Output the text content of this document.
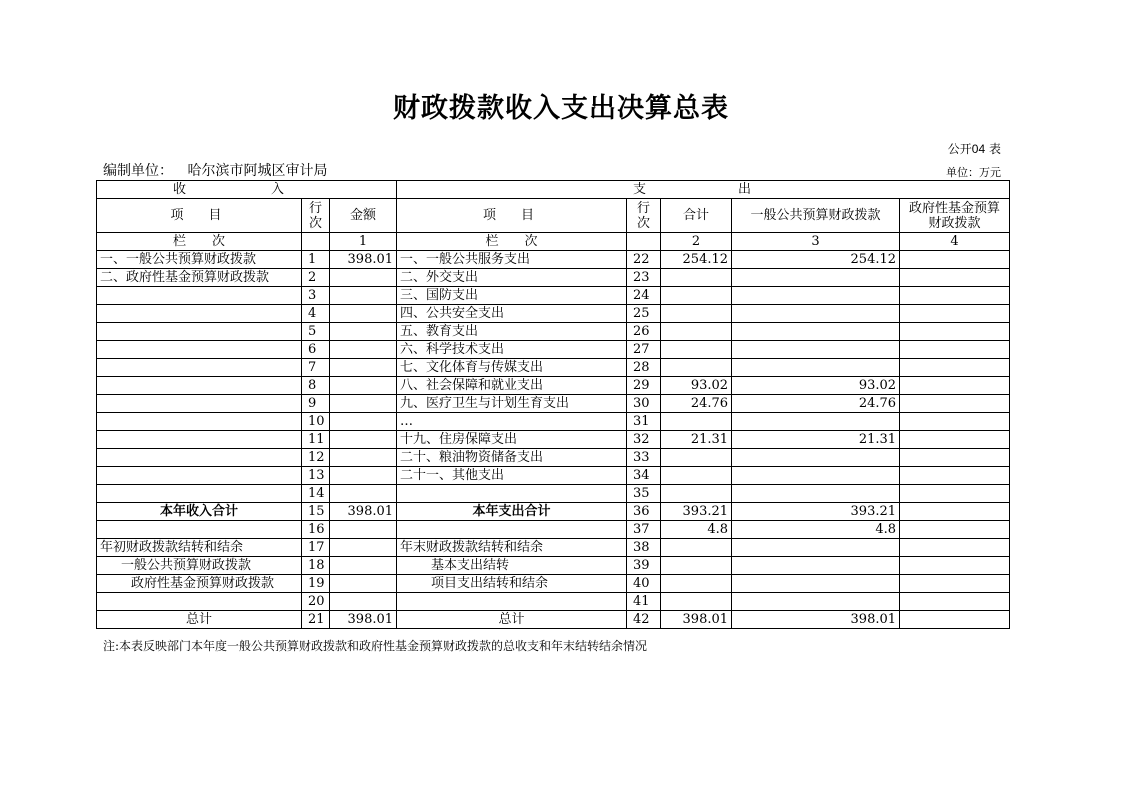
财政拨款收入支出决算总表
公开04 表
编制单位： 哈尔滨市阿城区审计局	单位：万元
收　入			支　　出				
项　目	行次	金额	项　目	行次	合计	一般公共预算财政拨款	政府性基金预算财政拨款
栏　　次		1	栏　　次		2	3	4
一、一般公共预算财政拨款	1	398.01	一、一般公共服务支出	22	254.12	254.12	
二、政府性基金预算财政拨款	2		二、外交支出	23			
	3		三、国防支出	24			
	4		四、公共安全支出	25			
	5		五、教育支出	26			
	6		六、科学技术支出	27			
	7		七、文化体育与传媒支出	28			
	8		八、社会保障和就业支出	29	93.02	93.02	
	9		九、医疗卫生与计划生育支出	30	24.76	24.76	
	10		…	31			
	11		十九、住房保障支出	32	21.31	21.31	
	12		二十、粮油物资储备支出	33			
	13		二十一、其他支出	34			
	14			35			
本年收入合计	15	398.01	本年支出合计	36	393.21	393.21	
	16			37	4.8	4.8	
年初财政拨款结转和结余	17		年末财政拨款结转和结余	38			
一般公共预算财政拨款	18		基本支出结转	39			
政府性基金预算财政拨款	19		项目支出结转和结余	40			
	20			41			
总计	21	398.01	总计	42	398.01	398.01	
注:本表反映部门本年度一般公共预算财政拨款和政府性基金预算财政拨款的总收支和年末结转结余情况
